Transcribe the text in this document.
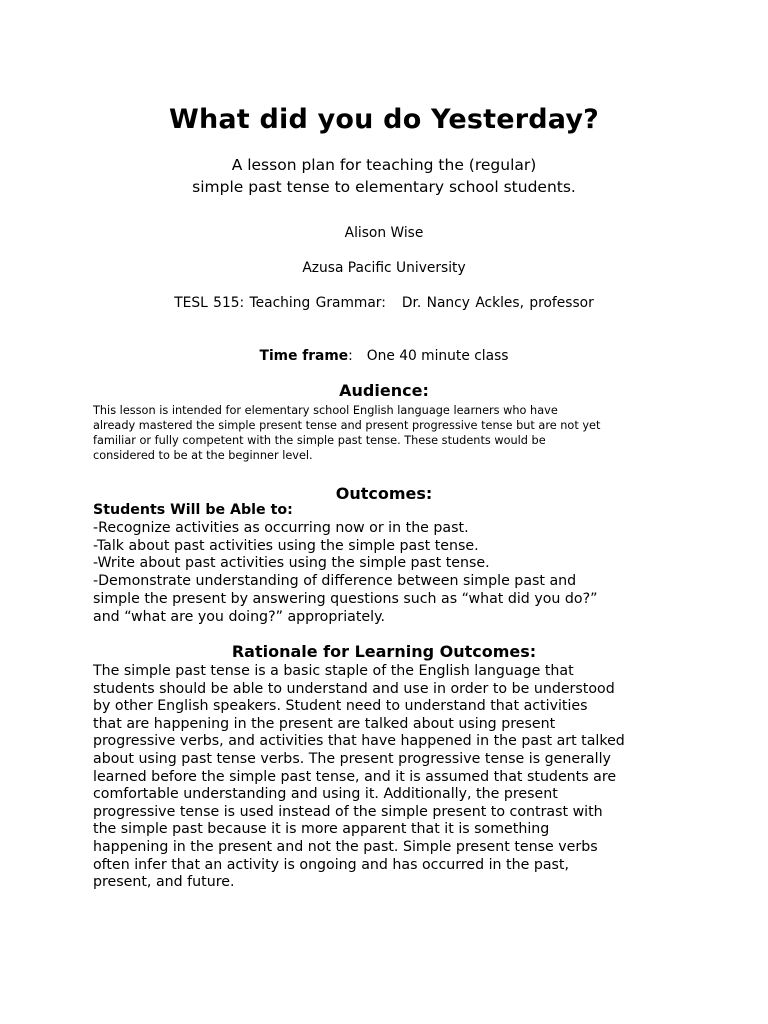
What did you do Yesterday?
A lesson plan for teaching the (regular)
simple past tense to elementary school students.
Alison Wise
Azusa Pacific University
TESL 515: Teaching Grammar: Dr. Nancy Ackles, professor
Time frame: One 40 minute class
Audience:
This lesson is intended for elementary school English language learners who have
already mastered the simple present tense and present progressive tense but are not yet
familiar or fully competent with the simple past tense. These students would be
considered to be at the beginner level.
Outcomes:
Students Will be Able to:
-Recognize activities as occurring now or in the past.
-Talk about past activities using the simple past tense.
-Write about past activities using the simple past tense.
-Demonstrate understanding of difference between simple past and
simple the present by answering questions such as “what did you do?”
and “what are you doing?” appropriately.
Rationale for Learning Outcomes:
The simple past tense is a basic staple of the English language that
students should be able to understand and use in order to be understood
by other English speakers. Student need to understand that activities
that are happening in the present are talked about using present
progressive verbs, and activities that have happened in the past art talked
about using past tense verbs. The present progressive tense is generally
learned before the simple past tense, and it is assumed that students are
comfortable understanding and using it. Additionally, the present
progressive tense is used instead of the simple present to contrast with
the simple past because it is more apparent that it is something
happening in the present and not the past. Simple present tense verbs
often infer that an activity is ongoing and has occurred in the past,
present, and future.
